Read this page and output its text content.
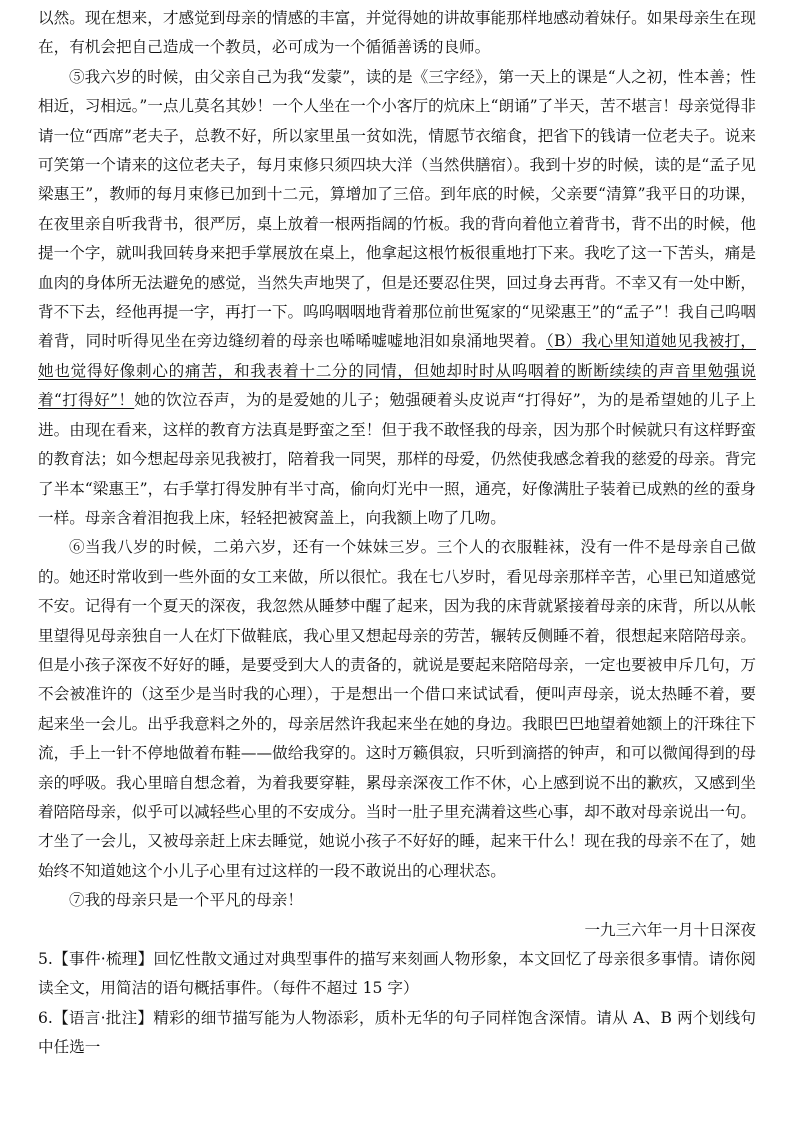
以然。现在想来，才感觉到母亲的情感的丰富，并觉得她的讲故事能那样地感动着妹仔。如果母亲生在现在，有机会把自己造成一个教员，必可成为一个循循善诱的良师。

⑤我六岁的时候，由父亲自己为我“发蒙”，读的是《三字经》，第一天上的课是“人之初，性本善；性相近，习相远。”一点儿莫名其妙！一个人坐在一个小客厅的炕床上“朗诵”了半天，苦不堪言！母亲觉得非请一位“西席”老夫子，总教不好，所以家里虽一贫如洗，情愿节衣缩食，把省下的钱请一位老夫子。说来可笑第一个请来的这位老夫子，每月束修只须四块大洋（当然供膳宿）。我到十岁的时候，读的是“孟子见梁惠王”，教师的每月束修已加到十二元，算增加了三倍。到年底的时候，父亲要“清算”我平日的功课，在夜里亲自听我背书，很严厉，桌上放着一根两指阔的竹板。我的背向着他立着背书，背不出的时候，他提一个字，就叫我回转身来把手掌展放在桌上，他拿起这根竹板很重地打下来。我吃了这一下苦头，痛是血肉的身体所无法避免的感觉，当然失声地哭了，但是还要忍住哭，回过身去再背。不幸又有一处中断，背不下去，经他再提一字，再打一下。呜呜咽咽地背着那位前世冤家的“见梁惠王”的“孟子”！我自己呜咽着背，同时听得见坐在旁边缝纫着的母亲也唏唏嘘嘘地泪如泉涌地哭着。（B）我心里知道她见我被打，她也觉得好像刺心的痛苦，和我表着十二分的同情，但她却时时从呜咽着的断断续续的声音里勉强说着“打得好”！她的饮泣吞声，为的是爱她的儿子；勉强硬着头皮说声“打得好”，为的是希望她的儿子上进。由现在看来，这样的教育方法真是野蛮之至！但于我不敢怪我的母亲，因为那个时候就只有这样野蛮的教育法；如今想起母亲见我被打，陪着我一同哭，那样的母爱，仍然使我感念着我的慈爱的母亲。背完了半本“梁惠王”，右手掌打得发肿有半寸高，偷向灯光中一照，通亮，好像满肚子装着已成熟的丝的蚕身一样。母亲含着泪抱我上床，轻轻把被窝盖上，向我额上吻了几吻。

⑥当我八岁的时候，二弟六岁，还有一个妹妹三岁。三个人的衣服鞋袜，没有一件不是母亲自己做的。她还时常收到一些外面的女工来做，所以很忙。我在七八岁时，看见母亲那样辛苦，心里已知道感觉不安。记得有一个夏天的深夜，我忽然从睡梦中醒了起来，因为我的床背就紧接着母亲的床背，所以从帐里望得见母亲独自一人在灯下做鞋底，我心里又想起母亲的劳苦，辗转反侧睡不着，很想起来陪陪母亲。但是小孩子深夜不好好的睡，是要受到大人的责备的，就说是要起来陪陪母亲，一定也要被申斥几句，万不会被准许的（这至少是当时我的心理），于是想出一个借口来试试看，便叫声母亲，说太热睡不着，要起来坐一会儿。出乎我意料之外的，母亲居然许我起来坐在她的身边。我眼巴巴地望着她额上的汗珠往下流，手上一针不停地做着布鞋——做给我穿的。这时万籁俱寂，只听到滴搭的钟声，和可以微闻得到的母亲的呼吸。我心里暗自想念着，为着我要穿鞋，累母亲深夜工作不休，心上感到说不出的歉疚，又感到坐着陪陪母亲，似乎可以减轻些心里的不安成分。当时一肚子里充满着这些心事，却不敢对母亲说出一句。才坐了一会儿，又被母亲赶上床去睡觉，她说小孩子不好好的睡，起来干什么！现在我的母亲不在了，她始终不知道她这个小儿子心里有过这样的一段不敢说出的心理状态。

⑦我的母亲只是一个平凡的母亲！

一九三六年一月十日深夜

5.【事件·梳理】回忆性散文通过对典型事件的描写来刻画人物形象，本文回忆了母亲很多事情。请你阅读全文，用简洁的语句概括事件。（每件不超过 15 字）

6.【语言·批注】精彩的细节描写能为人物添彩，质朴无华的句子同样饱含深情。请从 A、B 两个划线句中任选一
